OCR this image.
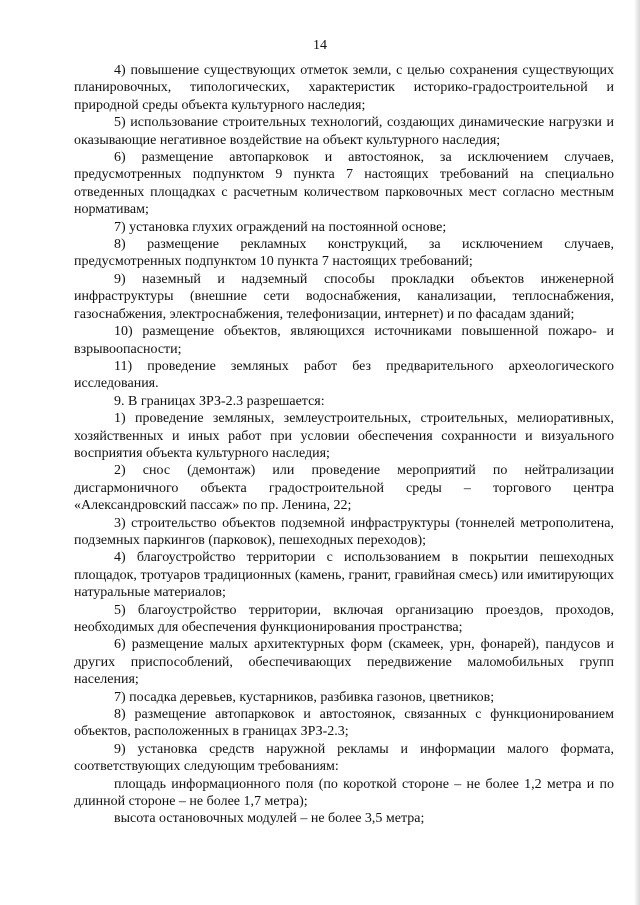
14

4) повышение существующих отметок земли, с целью сохранения существующих планировочных, типологических, характеристик историко-градостроительной и природной среды объекта культурного наследия;

5) использование строительных технологий, создающих динамические нагрузки и оказывающие негативное воздействие на объект культурного наследия;

6) размещение автопарковок и автостоянок, за исключением случаев, предусмотренных подпунктом 9 пункта 7 настоящих требований на специально отведенных площадках с расчетным количеством парковочных мест согласно местным нормативам;

7) установка глухих ограждений на постоянной основе;

8) размещение рекламных конструкций, за исключением случаев, предусмотренных подпунктом 10 пункта 7 настоящих требований;

9) наземный и надземный способы прокладки объектов инженерной инфраструктуры (внешние сети водоснабжения, канализации, теплоснабжения, газоснабжения, электроснабжения, телефонизации, интернет) и по фасадам зданий;

10) размещение объектов, являющихся источниками повышенной пожаро- и взрывоопасности;

11) проведение земляных работ без предварительного археологического исследования.

9. В границах ЗРЗ-2.3 разрешается:

1) проведение земляных, землеустроительных, строительных, мелиоративных, хозяйственных и иных работ при условии обеспечения сохранности и визуального восприятия объекта культурного наследия;

2) снос (демонтаж) или проведение мероприятий по нейтрализации дисгармоничного объекта градостроительной среды – торгового центра «Александровский пассаж» по пр. Ленина, 22;

3) строительство объектов подземной инфраструктуры (тоннелей метрополитена, подземных паркингов (парковок), пешеходных переходов);

4) благоустройство территории с использованием в покрытии пешеходных площадок, тротуаров традиционных (камень, гранит, гравийная смесь) или имитирующих натуральные материалов;

5) благоустройство территории, включая организацию проездов, проходов, необходимых для обеспечения функционирования пространства;

6) размещение малых архитектурных форм (скамеек, урн, фонарей), пандусов и других приспособлений, обеспечивающих передвижение маломобильных групп населения;

7) посадка деревьев, кустарников, разбивка газонов, цветников;

8) размещение автопарковок и автостоянок, связанных с функционированием объектов, расположенных в границах ЗРЗ-2.3;

9) установка средств наружной рекламы и информации малого формата, соответствующих следующим требованиям:

площадь информационного поля (по короткой стороне – не более 1,2 метра и по длинной стороне – не более 1,7 метра);

высота остановочных модулей – не более 3,5 метра;
